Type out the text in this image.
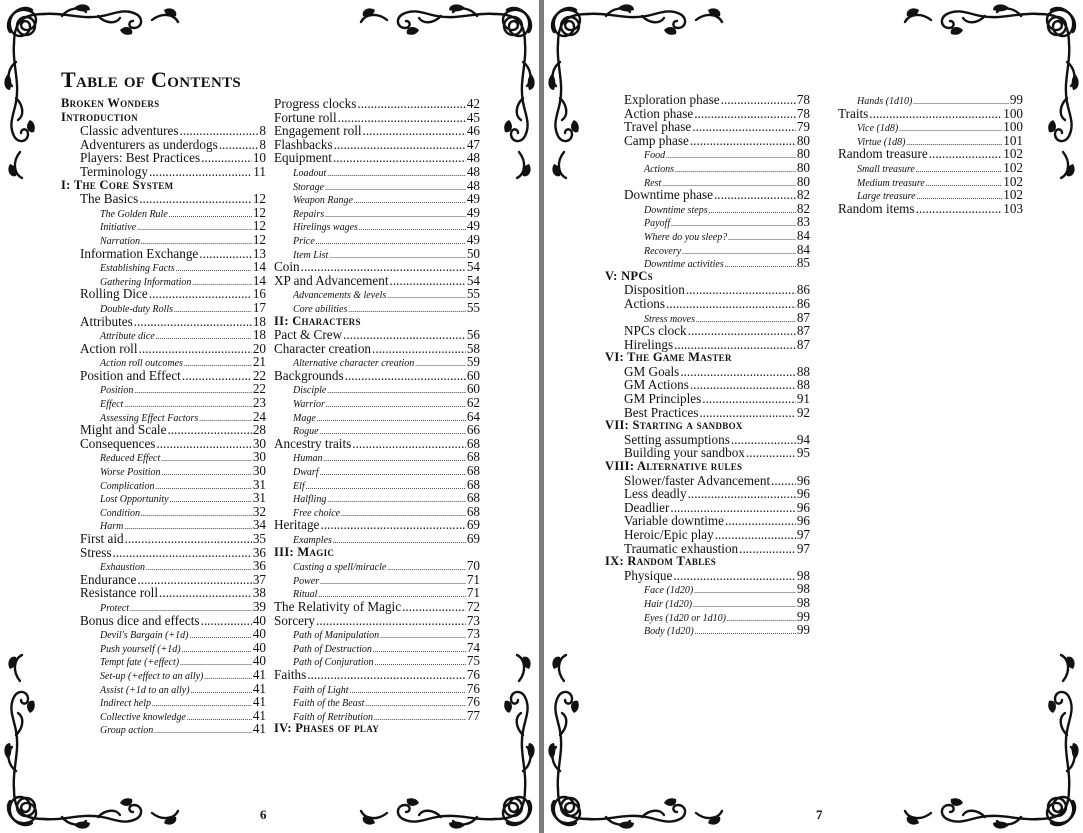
Table of Contents
Broken Wonders
Introduction
Classic adventures .....	8
Adventurers as underdogs .....	8
Players: Best Practices .....	10
Terminology .....	11
I: The Core System
The Basics .....	12
The Golden Rule .....	12
Initiative .....	12
Narration .....	12
Information Exchange .....	13
Establishing Facts .....	14
Gathering Information .....	14
Rolling Dice .....	16
Double-duty Rolls .....	17
Attributes .....	18
Attribute dice .....	18
Action roll .....	20
Action roll outcomes .....	21
Position and Effect .....	22
Position .....	22
Effect .....	23
Assessing Effect Factors .....	24
Might and Scale .....	28
Consequences .....	30
Reduced Effect .....	30
Worse Position .....	30
Complication .....	31
Lost Opportunity .....	31
Condition .....	32
Harm .....	34
First aid .....	35
Stress .....	36
Exhaustion .....	36
Endurance .....	37
Resistance roll .....	38
Protect .....	39
Bonus dice and effects .....	40
Devil's Bargain (+1d) .....	40
Push yourself (+1d) .....	40
Tempt fate (+effect) .....	40
Set-up (+effect to an ally) .....	41
Assist (+1d to an ally) .....	41
Indirect help .....	41
Collective knowledge .....	41
Group action .....	41
Progress clocks .....	42
Fortune roll .....	45
Engagement roll .....	46
Flashbacks .....	47
Equipment .....	48
Loadout .....	48
Storage .....	48
Weapon Range .....	49
Repairs .....	49
Hirelings wages .....	49
Price .....	49
Item List .....	50
Coin .....	54
XP and Advancement .....	54
Advancements & levels .....	55
Core abilities .....	55
II: Characters
Pact & Crew .....	56
Character creation .....	58
Alternative character creation .....	59
Backgrounds .....	60
Disciple .....	60
Warrior .....	62
Mage .....	64
Rogue .....	66
Ancestry traits .....	68
Human .....	68
Dwarf .....	68
Elf .....	68
Halfling .....	68
Free choice .....	68
Heritage .....	69
Examples .....	69
III: Magic
Casting a spell/miracle .....	70
Power .....	71
Ritual .....	71
The Relativity of Magic .....	72
Sorcery .....	73
Path of Manipulation .....	73
Path of Destruction .....	74
Path of Conjuration .....	75
Faiths .....	76
Faith of Light .....	76
Faith of the Beast .....	76
Faith of Retribution .....	77
IV: Phases of play
6
Exploration phase .....	78
Action phase .....	78
Travel phase .....	79
Camp phase .....	80
Food .....	80
Actions .....	80
Rest .....	80
Downtime phase .....	82
Downtime steps .....	82
Payoff .....	83
Where do you sleep? .....	84
Recovery .....	84
Downtime activities .....	85
V: NPCs
Disposition .....	86
Actions .....	86
Stress moves .....	87
NPCs clock .....	87
Hirelings .....	87
VI: The Game Master
GM Goals .....	88
GM Actions .....	88
GM Principles .....	91
Best Practices .....	92
VII: Starting a sandbox
Setting assumptions .....	94
Building your sandbox .....	95
VIII: Alternative rules
Slower/faster Advancement ..... 96
Less deadly .....	96
Deadlier .....	96
Variable downtime .....	96
Heroic/Epic play .....	97
Traumatic exhaustion .....	97
IX: Random Tables
Physique .....	98
Face (1d20) .....	98
Hair (1d20) .....	98
Eyes (1d20 or 1d10) .....	99
Body (1d20) .....	99
Hands (1d10) .....	99
Traits .....	100
Vice (1d8) .....	100
Virtue (1d8) .....	101
Random treasure .....	102
Small treasure .....	102
Medium treasure .....	102
Large treasure .....	102
Random items .....	103
7
